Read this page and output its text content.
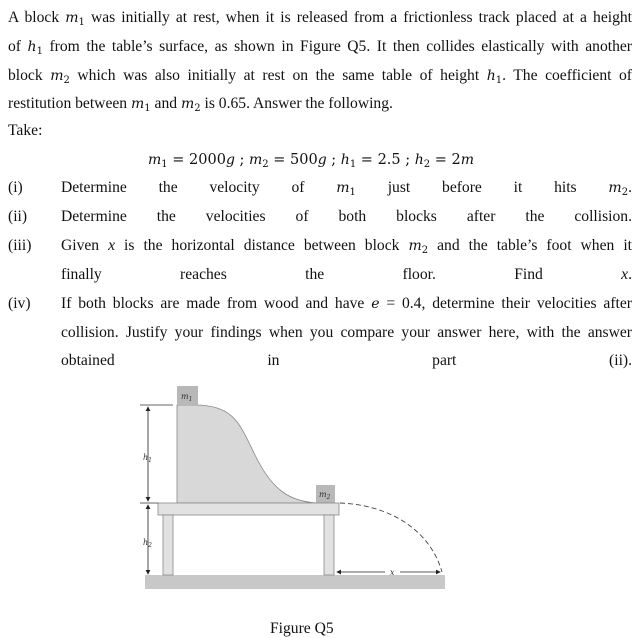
A block $m_1$ was initially at rest, when it is released from a frictionless track placed at a height
of $h_1$ from the table’s surface, as shown in Figure Q5. It then collides elastically with another
block $m_2$ which was also initially at rest on the same table of height $h_1$. The coefficient of
restitution between $m_1$ and $m_2$ is 0.65. Answer the following.
Take:
$m_1 = 2000g$ ; $m_2 = 500g$ ; $h_1 = 2.5$ ; $h_2 = 2m$
(i) Determine the velocity of $m_1$ just before it hits $m_2$.
(ii) Determine the velocities of both blocks after the collision.
(iii) Given x is the horizontal distance between block $m_2$ and the table’s foot when it
finally reaches the floor. Find x.
(iv) If both blocks are made from wood and have e = 0.4, determine their velocities after
collision. Justify your findings when you compare your answer here, with the answer
obtained in part (ii).
$m_1$
$m_2$
$h_1$
$h_2$
x
Figure Q5
